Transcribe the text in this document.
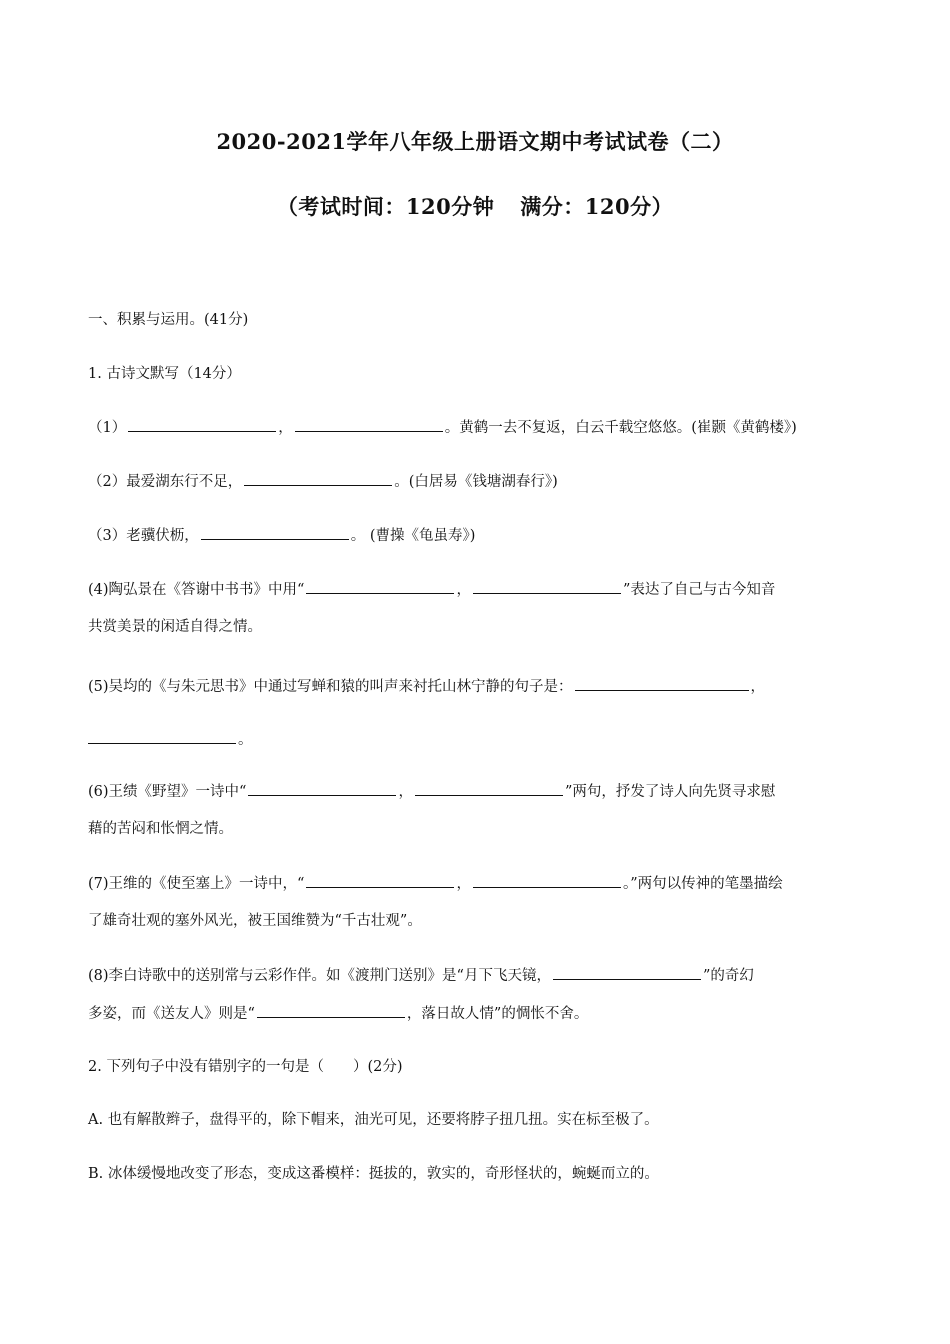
2020-2021学年八年级上册语文期中考试试卷（二）
（考试时间：120分钟 满分：120分）
一、积累与运用。(41分)
1. 古诗文默写（14分）
（1）	，	。黄鹤一去不复返，白云千载空悠悠。(崔颢《黄鹤楼》)
（2）最爱湖东行不足，	。(白居易《钱塘湖春行》)
（3）老骥伏枥，	。 (曹操《龟虽寿》)
(4)陶弘景在《答谢中书书》中用“	，	”表达了自己与古今知音
共赏美景的闲适自得之情。
(5)吴均的《与朱元思书》中通过写蝉和猿的叫声来衬托山林宁静的句子是：	，
。
(6)王绩《野望》一诗中“	，	”两句，抒发了诗人向先贤寻求慰
藉的苦闷和怅惘之情。
(7)王维的《使至塞上》一诗中，“	，	。”两句以传神的笔墨描绘
了雄奇壮观的塞外风光，被王国维赞为“千古壮观”。
(8)李白诗歌中的送别常与云彩作伴。如《渡荆门送别》是“月下飞天镜，	”的奇幻
多姿，而《送友人》则是“	，落日故人情”的惆怅不舍。
2. 下列句子中没有错别字的一句是（　　）(2分)
A. 也有解散辫子，盘得平的，除下帽来，油光可见，还要将脖子扭几扭。实在标至极了。
B. 冰体缓慢地改变了形态，变成这番模样：挺拔的，敦实的，奇形怪状的，蜿蜒而立的。
